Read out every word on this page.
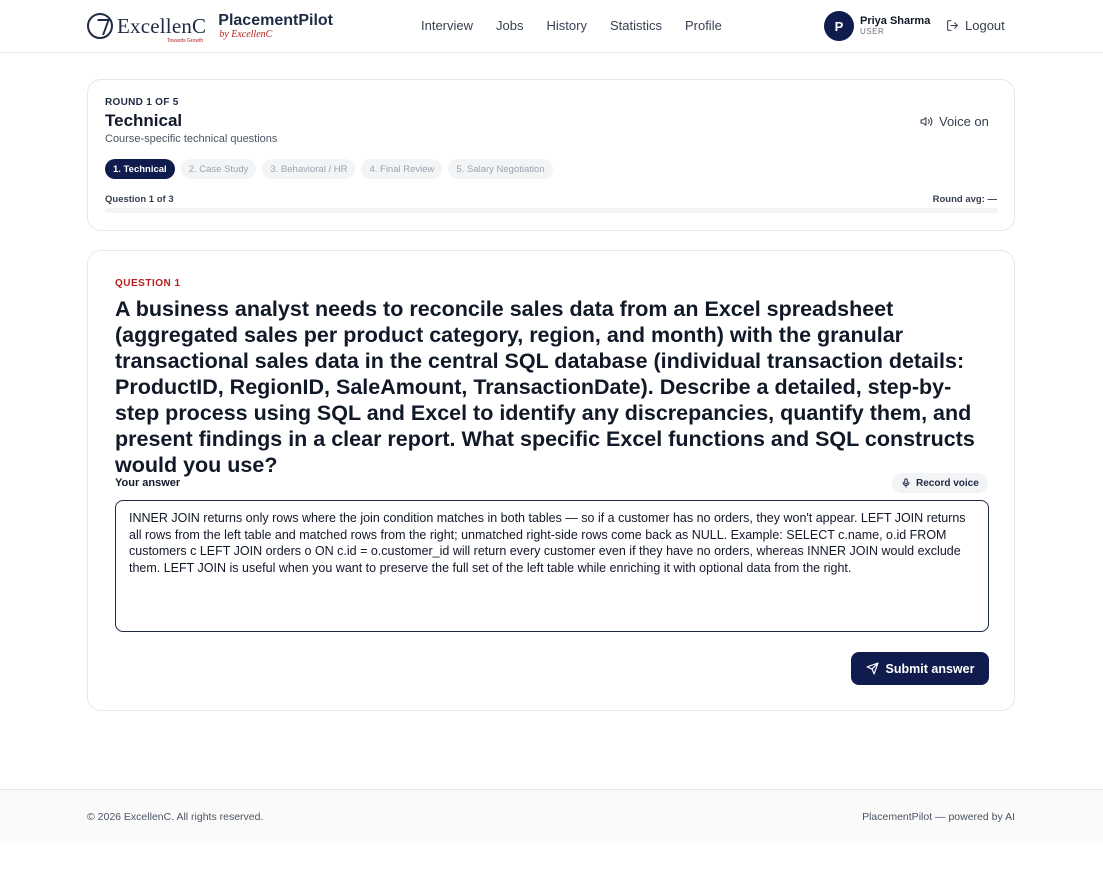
ExcellenC
Towards Growth
PlacementPilot
by ExcellenC
Interview Jobs History Statistics Profile	P	Priya Sharma
USER	Logout
ROUND 1 OF 5
Technical
Course-specific technical questions
Voice on
1. Technical	2. Case Study	3. Behavioral / HR	4. Final Review	5. Salary Negotiation
Question 1 of 3	Round avg: —
QUESTION 1
A business analyst needs to reconcile sales data from an Excel spreadsheet (aggregated sales per product category, region, and month) with the granular transactional sales data in the central SQL database (individual transaction details: ProductID, RegionID, SaleAmount, TransactionDate). Describe a detailed, step-by-step process using SQL and Excel to identify any discrepancies, quantify them, and present findings in a clear report. What specific Excel functions and SQL constructs would you use?
Your answer	Record voice
INNER JOIN returns only rows where the join condition matches in both tables — so if a customer has no orders, they won't appear. LEFT JOIN returns all rows from the left table and matched rows from the right; unmatched right-side rows come back as NULL. Example: SELECT c.name, o.id FROM customers c LEFT JOIN orders o ON c.id = o.customer_id will return every customer even if they have no orders, whereas INNER JOIN would exclude them. LEFT JOIN is useful when you want to preserve the full set of the left table while enriching it with optional data from the right.
Submit answer
© 2026 ExcellenC. All rights reserved.	PlacementPilot — powered by AI
